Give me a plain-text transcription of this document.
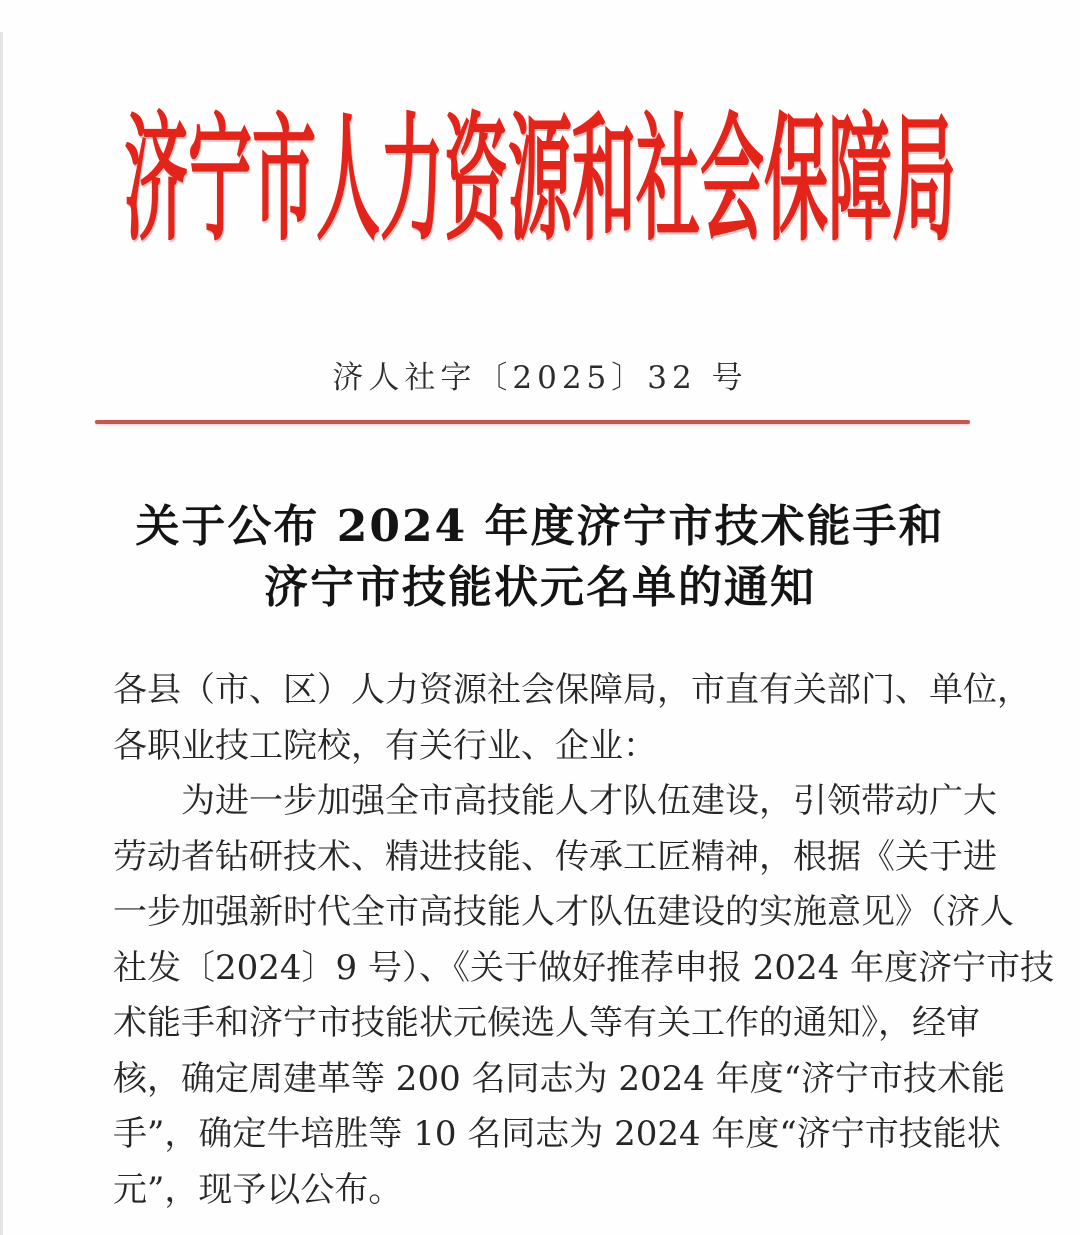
济宁市人力资源和社会保障局
济人社字〔2025〕32 号
关于公布 2024 年度济宁市技术能手和
济宁市技能状元名单的通知
各县（市、区）人力资源社会保障局，市直有关部门、单位，
各职业技工院校，有关行业、企业：
为进一步加强全市高技能人才队伍建设，引领带动广大
劳动者钻研技术、精进技能、传承工匠精神，根据《关于进
一步加强新时代全市高技能人才队伍建设的实施意见》（济人
社发〔2024〕9 号）、《关于做好推荐申报 2024 年度济宁市技
术能手和济宁市技能状元候选人等有关工作的通知》，经审
核，确定周建革等 200 名同志为 2024 年度“济宁市技术能
手”，确定牛培胜等 10 名同志为 2024 年度“济宁市技能状
元”，现予以公布。
